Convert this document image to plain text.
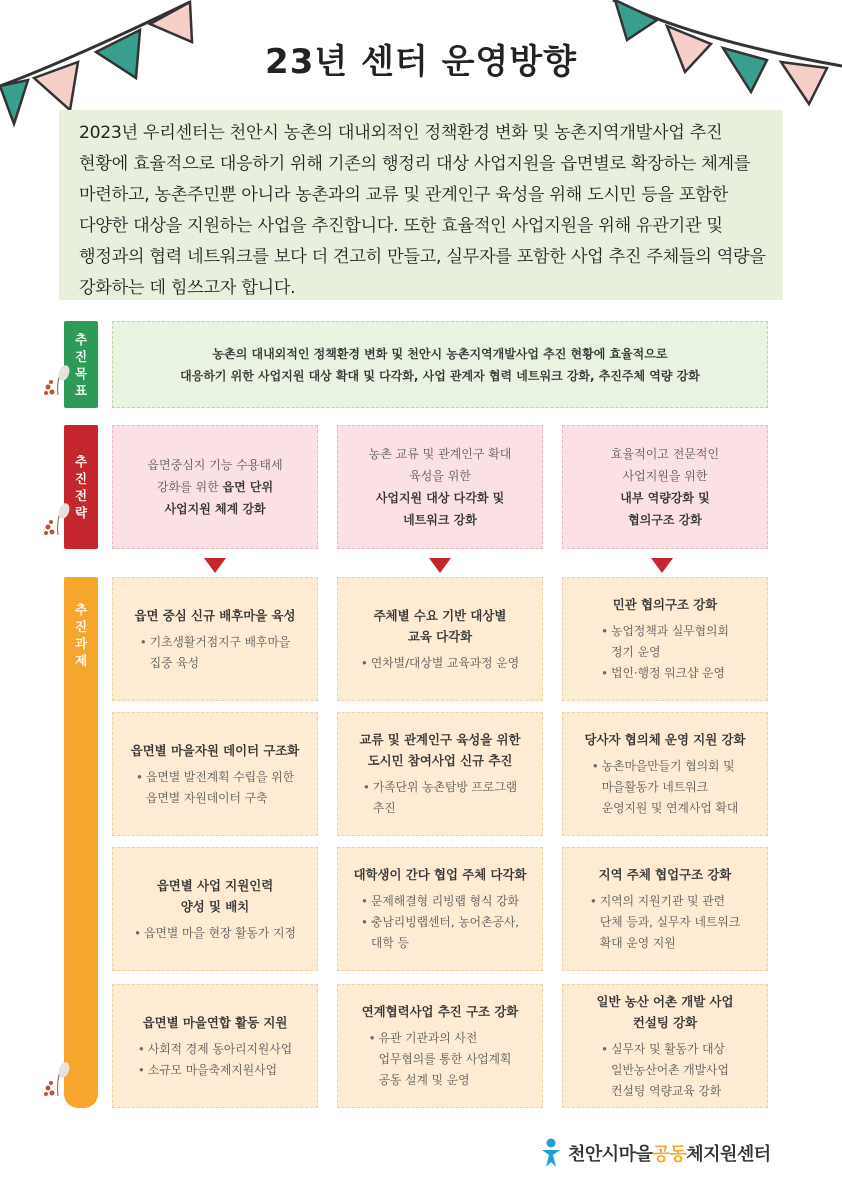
23년 센터 운영방향

2023년 우리센터는 천안시 농촌의 대내외적인 정책환경 변화 및 농촌지역개발사업 추진 현황에 효율적으로 대응하기 위해 기존의 행정리 대상 사업지원을 읍면별로 확장하는 체계를 마련하고, 농촌주민뿐 아니라 농촌과의 교류 및 관계인구 육성을 위해 도시민 등을 포함한 다양한 대상을 지원하는 사업을 추진합니다. 또한 효율적인 사업지원을 위해 유관기관 및 행정과의 협력 네트워크를 보다 더 견고히 만들고, 실무자를 포함한 사업 추진 주체들의 역량을 강화하는 데 힘쓰고자 합니다.

추
진
목
표
추
진
전
략
추
진
과
제
농촌의 대내외적인 정책환경 변화 및 천안시 농촌지역개발사업 추진 현황에 효율적으로
대응하기 위한 사업지원 대상 확대 및 다각화, 사업 관계자 협력 네트워크 강화, 추진주체 역량 강화
읍면중심지 기능 수용태세
강화를 위한 읍면 단위
사업지원 체계 강화
농촌 교류 및 관계인구 확대
육성을 위한
사업지원 대상 다각화 및
네트워크 강화
효율적이고 전문적인
사업지원을 위한
내부 역량강화 및
협의구조 강화
읍면 중심 신규 배후마을 육성
• 기초생활거점지구 배후마을
집중 육성
읍면별 마을자원 데이터 구조화
• 읍면별 발전계획 수립을 위한
읍면별 자원데이터 구축
읍면별 사업 지원인력
양성 및 배치
• 읍면별 마을 현장 활동가 지정
읍면별 마을연합 활동 지원
• 사회적 경제 동아리지원사업
• 소규모 마을축제지원사업
주체별 수요 기반 대상별
교육 다각화
• 연차별/대상별 교육과정 운영
교류 및 관계인구 육성을 위한
도시민 참여사업 신규 추진
• 가족단위 농촌탐방 프로그램
추진
대학생이 간다 협업 주체 다각화
• 문제해결형 리빙랩 형식 강화
• 충남리빙랩센터, 농어촌공사,
대학 등
연계협력사업 추진 구조 강화
• 유관 기관과의 사전
업무협의를 통한 사업계획
공동 설계 및 운영
민관 협의구조 강화
• 농업정책과 실무협의회
정기 운영
• 법인·행정 워크샵 운영
당사자 협의체 운영 지원 강화
• 농촌마을만들기 협의회 및
마을활동가 네트워크
운영지원 및 연계사업 확대
지역 주체 협업구조 강화
• 지역의 지원기관 및 관련
단체 등과, 실무자 네트워크
확대 운영 지원
일반 농산 어촌 개발 사업
컨설팅 강화
• 실무자 및 활동가 대상
일반농산어촌 개발사업
컨설팅 역량교육 강화
천안시마을공동체지원센터
